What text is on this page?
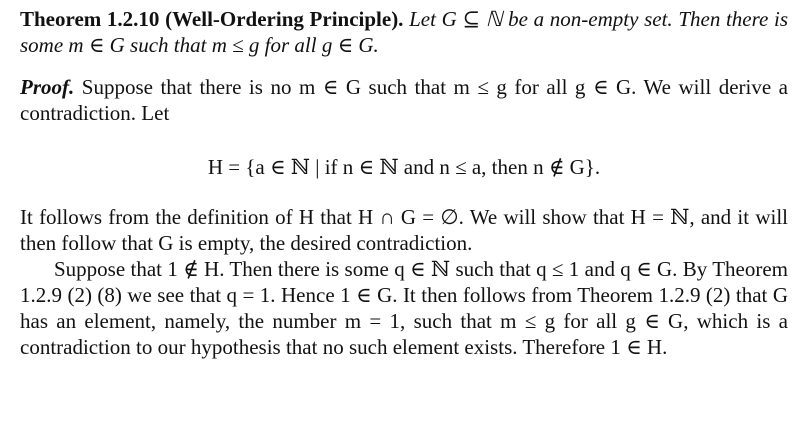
Theorem 1.2.10 (Well-Ordering Principle). Let G ⊆ ℕ be a non-empty set. Then there is some m ∈ G such that m ≤ g for all g ∈ G.

Proof. Suppose that there is no m ∈ G such that m ≤ g for all g ∈ G. We will derive a contradiction. Let

H = {a ∈ ℕ | if n ∈ ℕ and n ≤ a, then n ∉ G}.

It follows from the definition of H that H ∩ G = ∅. We will show that H = ℕ, and it will then follow that G is empty, the desired contradiction.

Suppose that 1 ∉ H. Then there is some q ∈ ℕ such that q ≤ 1 and q ∈ G. By Theorem 1.2.9 (2) (8) we see that q = 1. Hence 1 ∈ G. It then follows from Theorem 1.2.9 (2) that G has an element, namely, the number m = 1, such that m ≤ g for all g ∈ G, which is a contradiction to our hypothesis that no such element exists. Therefore 1 ∈ H.
